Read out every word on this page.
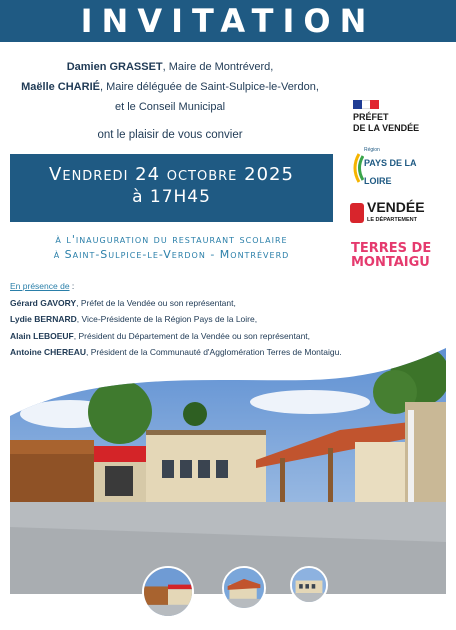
INVITATION
Damien GRASSET, Maire de Montréverd,
Maëlle CHARIÉ, Maire déléguée de Saint-Sulpice-le-Verdon,
et le Conseil Municipal
ont le plaisir de vous convier
Vendredi 24 octobre 2025
à 17H45
à l'inauguration du restaurant scolaire
à Saint-Sulpice-le-Verdon - Montréverd
PRÉFET
DE LA VENDÉE
Région
PAYS DE LA LOIRE
VENDÉE
LE DÉPARTEMENT
TERRES DE
MONTAIGU
En présence de :
Gérard GAVORY, Préfet de la Vendée ou son représentant,
Lydie BERNARD, Vice-Présidente de la Région Pays de la Loire,
Alain LEBOEUF, Président du Département de la Vendée ou son représentant,
Antoine CHEREAU, Président de la Communauté d'Agglomération Terres de Montaigu.
